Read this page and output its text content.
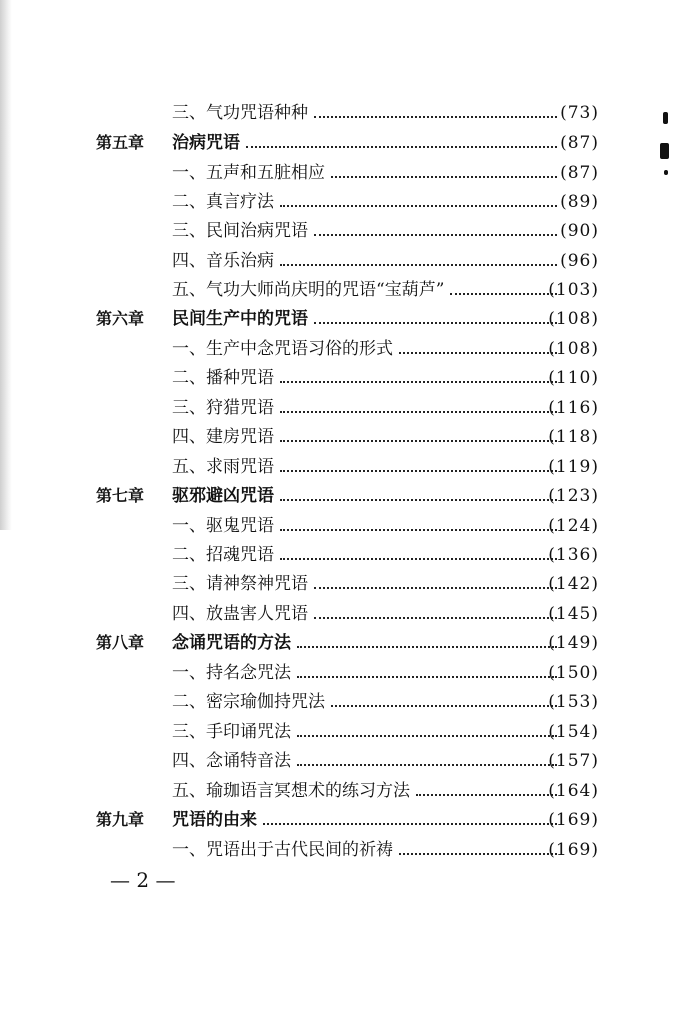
三、气功咒语种种	(73)
第五章	治病咒语	(87)
一、五声和五脏相应	(87)
二、真言疗法	(89)
三、民间治病咒语	(90)
四、音乐治病	(96)
五、气功大师尚庆明的咒语“宝葫芦”	(103)
第六章	民间生产中的咒语	(108)
一、生产中念咒语习俗的形式	(108)
二、播种咒语	(110)
三、狩猎咒语	(116)
四、建房咒语	(118)
五、求雨咒语	(119)
第七章	驱邪避凶咒语	(123)
一、驱鬼咒语	(124)
二、招魂咒语	(136)
三、请神祭神咒语	(142)
四、放蛊害人咒语	(145)
第八章	念诵咒语的方法	(149)
一、持名念咒法	(150)
二、密宗瑜伽持咒法	(153)
三、手印诵咒法	(154)
四、念诵特音法	(157)
五、瑜珈语言冥想术的练习方法	(164)
第九章	咒语的由来	(169)
一、咒语出于古代民间的祈祷	(169)
— 2 —
